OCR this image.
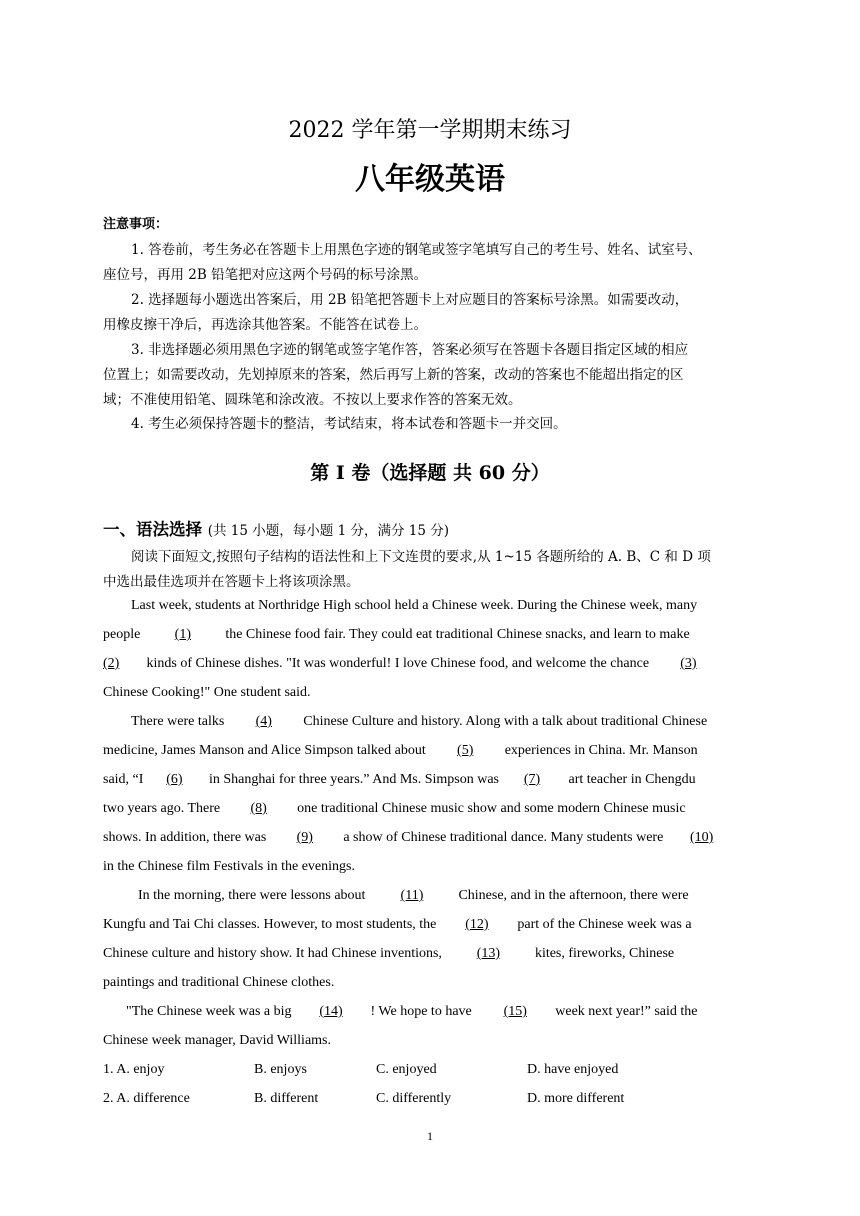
2022 学年第一学期期末练习
八年级英语
注意事项：
1. 答卷前，考生务必在答题卡上用黑色字迹的钢笔或签字笔填写自己的考生号、姓名、试室号、
座位号，再用 2B 铅笔把对应这两个号码的标号涂黑。
2. 选择题每小题选出答案后，用 2B 铅笔把答题卡上对应题目的答案标号涂黑。如需要改动，
用橡皮擦干净后，再选涂其他答案。不能答在试卷上。
3. 非选择题必须用黑色字迹的钢笔或签字笔作答，答案必须写在答题卡各题目指定区域的相应
位置上；如需要改动，先划掉原来的答案，然后再写上新的答案，改动的答案也不能超出指定的区
域；不准使用铅笔、圆珠笔和涂改液。不按以上要求作答的答案无效。
4. 考生必须保持答题卡的整洁，考试结束，将本试卷和答题卡一并交回。
第 I 卷（选择题 共 60 分）
一、语法选择 (共 15 小题，每小题 1 分，满分 15 分)
阅读下面短文,按照句子结构的语法性和上下文连贯的要求,从 1~15 各题所给的 A. B、C 和 D 项
中选出最佳选项并在答题卡上将该项涂黑。
Last week, students at Northridge High school held a Chinese week. During the Chinese week, many
people (1) the Chinese food fair. They could eat traditional Chinese snacks, and learn to make
(2) kinds of Chinese dishes. "It was wonderful! I love Chinese food, and welcome the chance (3)
Chinese Cooking!" One student said.
There were talks (4) Chinese Culture and history. Along with a talk about traditional Chinese
medicine, James Manson and Alice Simpson talked about (5) experiences in China. Mr. Manson
said, “I (6) in Shanghai for three years.” And Ms. Simpson was (7) art teacher in Chengdu
two years ago. There (8) one traditional Chinese music show and some modern Chinese music
shows. In addition, there was (9) a show of Chinese traditional dance. Many students were (10)
in the Chinese film Festivals in the evenings.
In the morning, there were lessons about	(11)	Chinese, and in the afternoon, there were
Kungfu and Tai Chi classes. However, to most students, the (12) part of the Chinese week was a
Chinese culture and history show. It had Chinese inventions, (13) kites, fireworks, Chinese
paintings and traditional Chinese clothes.
"The Chinese week was a big (14) ! We hope to have (15) week next year!” said the
Chinese week manager, David Williams.
1. A. enjoy	B. enjoys	C. enjoyed	D. have enjoyed
2. A. difference	B. different	C. differently	D. more different
1
